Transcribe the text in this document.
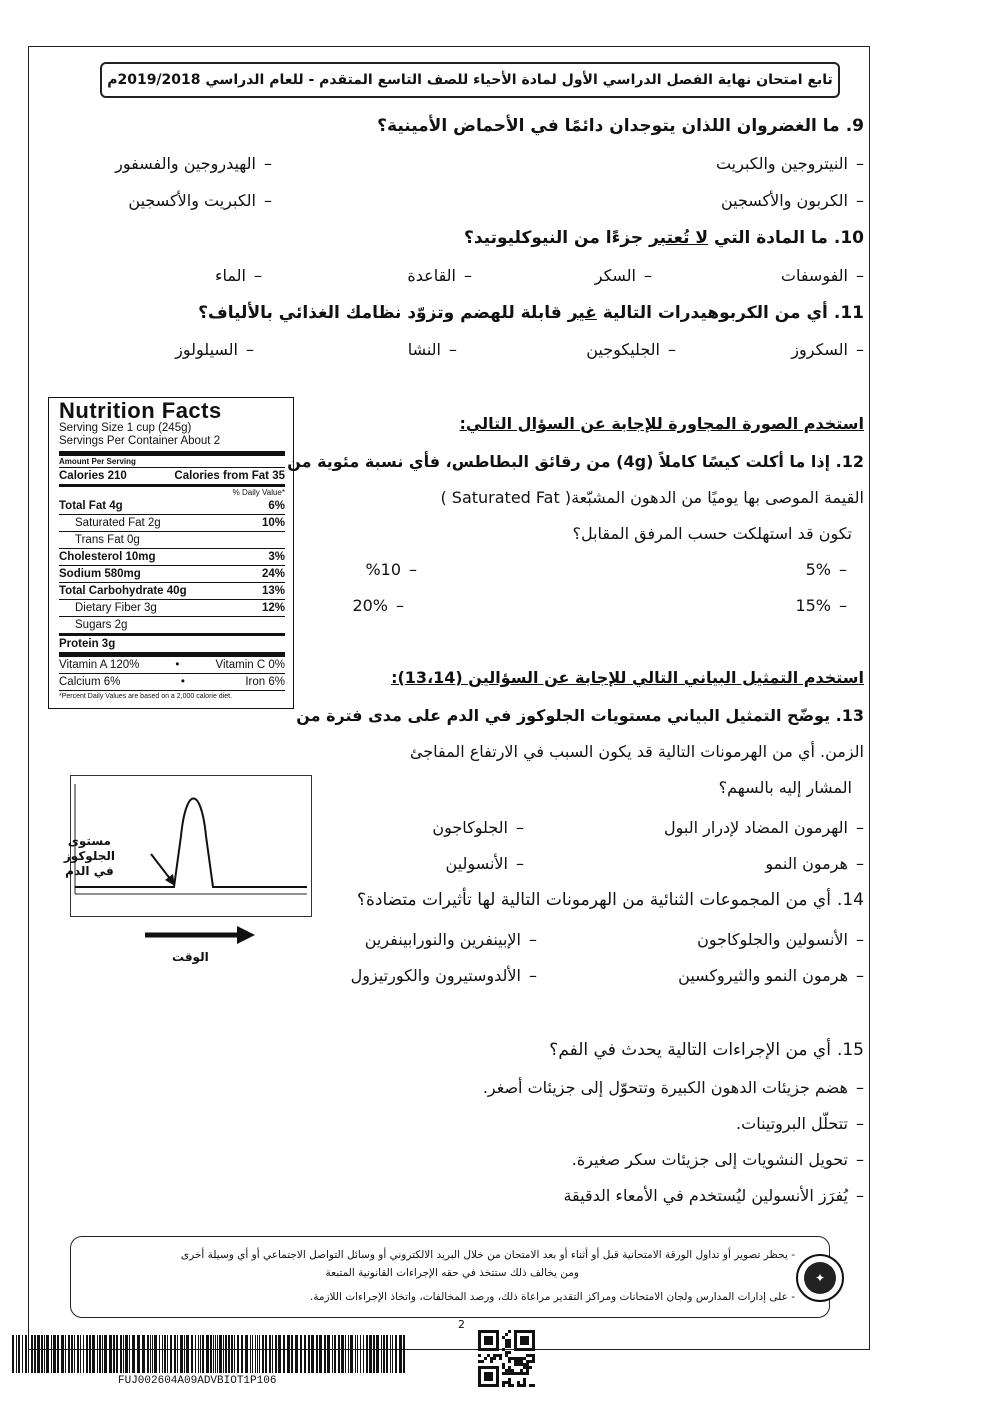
تابع امتحان نهاية الفصل الدراسي الأول لمادة الأحياء للصف التاسع المتقدم - للعام الدراسي 2019/2018م
9.ما الغضروان اللذان يتوجدان دائمًا في الأحماض الأمينية؟
–النيتروجين والكبريت
–الهيدروجين والفسفور
–الكربون والأكسجين
–الكبريت والأكسجين
10.ما المادة التي لا تُعتبر جزءًا من النيوكليوتيد؟
–الفوسفات
–السكر
–القاعدة
–الماء
11.أي من الكربوهيدرات التالية غير قابلة للهضم وتزوّد نظامك الغذائي بالألياف؟
–السكروز
–الجليكوجين
–النشا
–السيلولوز
Nutrition Facts
Serving Size 1 cup (245g)
Servings Per Container About 2
Amount Per Serving
Calories 210	Calories from Fat 35
% Daily Value*
Total Fat 4g	6%
Saturated Fat 2g	10%
Trans Fat 0g
Cholesterol 10mg	3%
Sodium 580mg	24%
Total Carbohydrate 40g	13%
Dietary Fiber 3g	12%
Sugars 2g
Protein 3g
Vitamin A 120%	•	Vitamin C 0%
Calcium 6%	•	Iron 6%
*Percent Daily Values are based on a 2,000 calorie diet.
استخدم الصورة المجاورة للإجابة عن السؤال التالي:
12. إذا ما أكلت كيسًا كاملاً (4g) من رقائق البطاطس، فأي نسبة مئوية من
القيمة الموصى بها يوميًا من الدهون المشبّعة( Saturated Fat )
تكون قد استهلكت حسب المرفق المقابل؟
–5%
–%10
–15%
–20%
استخدم التمثيل البياني التالي للإجابة عن السؤالين (13،14):
13. يوضّح التمثيل البياني مستويات الجلوكوز في الدم على مدى فترة من
الزمن. أي من الهرمونات التالية قد يكون السبب في الارتفاع المفاجئ
المشار إليه بالسهم؟
–الهرمون المضاد لإدرار البول
–الجلوكاجون
–هرمون النمو
–الأنسولين
مستوى
الجلوكوز
في الدم
الوقت
14.أي من المجموعات الثنائية من الهرمونات التالية لها تأثيرات متضادة؟
–الأنسولين والجلوكاجون
–الإبينفرين والنورابينفرين
–هرمون النمو والثيروكسين
–الألدوستيرون والكورتيزول
15.أي من الإجراءات التالية يحدث في الفم؟
–هضم جزيئات الدهون الكبيرة وتتحوّل إلى جزيئات أصغر.
–تتحلّل البروتينات.
–تحويل النشويات إلى جزيئات سكر صغيرة.
–يُفرَز الأنسولين ليُستخدم في الأمعاء الدقيقة
- يحظر تصوير أو تداول الورقة الامتحانية قبل أو أثناء أو بعد الامتحان من خلال البريد الالكتروني أو وسائل التواصل الاجتماعي أو أي وسيلة أخرى
ومن يخالف ذلك ستتخذ في حقه الإجراءات القانونية المتبعة
- على إدارات المدارس ولجان الامتحانات ومراكز التقدير مراعاة ذلك، ورصد المخالفات، واتخاذ الإجراءات اللازمة.
✦
2
FUJ002604A09ADVBIOT1P106
